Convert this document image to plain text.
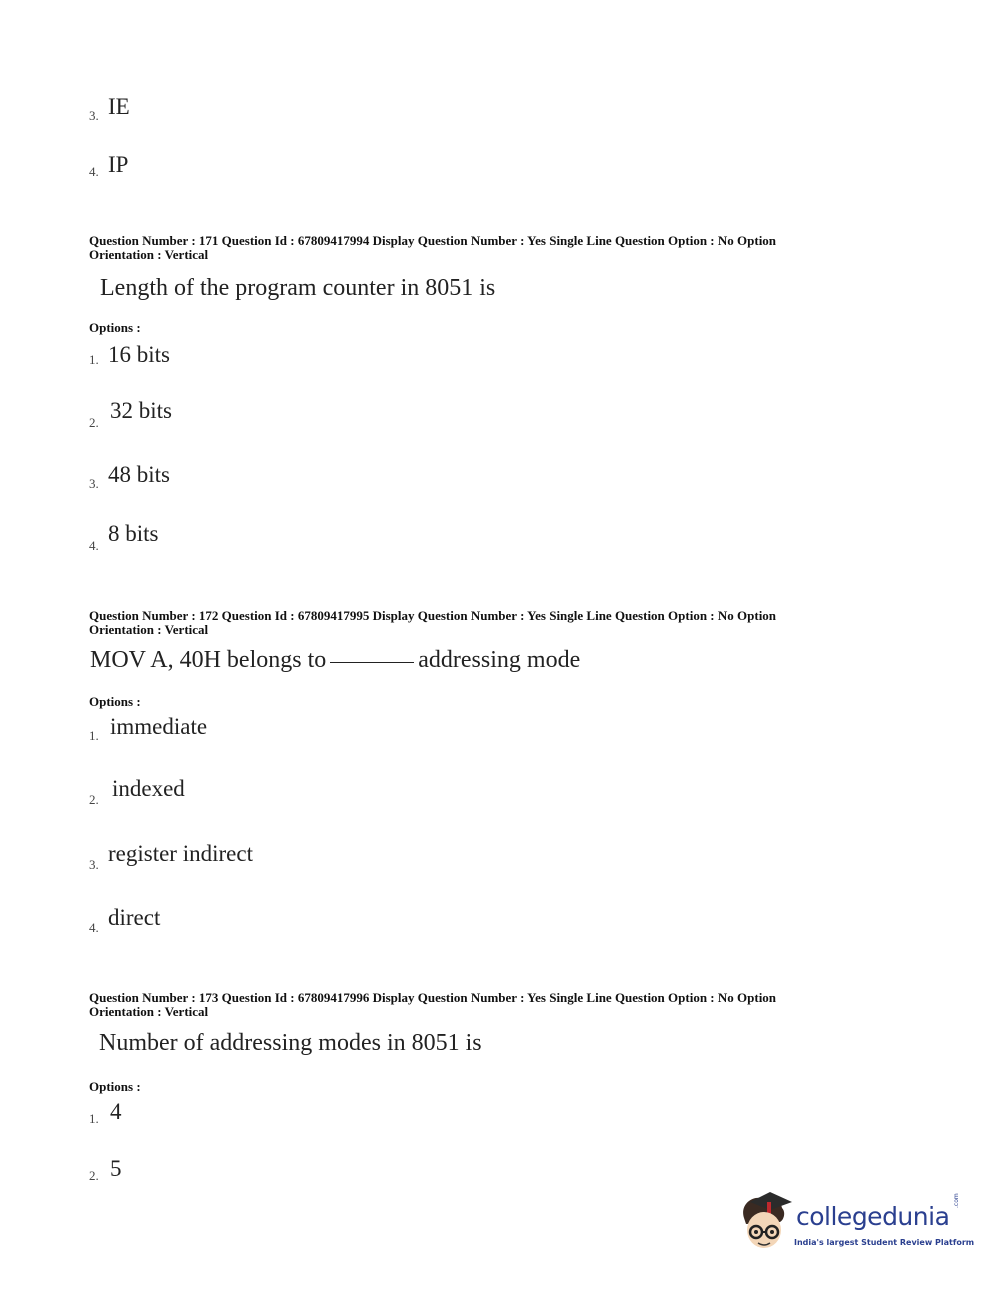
3. IE
4. IP
Question Number : 171 Question Id : 67809417994 Display Question Number : Yes Single Line Question Option : No Option
Orientation : Vertical
Length of the program counter in 8051 is
Options :
1. 16 bits
2. 32 bits
3. 48 bits
4. 8 bits
Question Number : 172 Question Id : 67809417995 Display Question Number : Yes Single Line Question Option : No Option
Orientation : Vertical
MOV A, 40H belongs to	addressing mode
Options :
1. immediate
2. indexed
3. register indirect
4. direct
Question Number : 173 Question Id : 67809417996 Display Question Number : Yes Single Line Question Option : No Option
Orientation : Vertical
Number of addressing modes in 8051 is
Options :
1. 4
2. 5
collegedunia
.com
India's largest Student Review Platform
